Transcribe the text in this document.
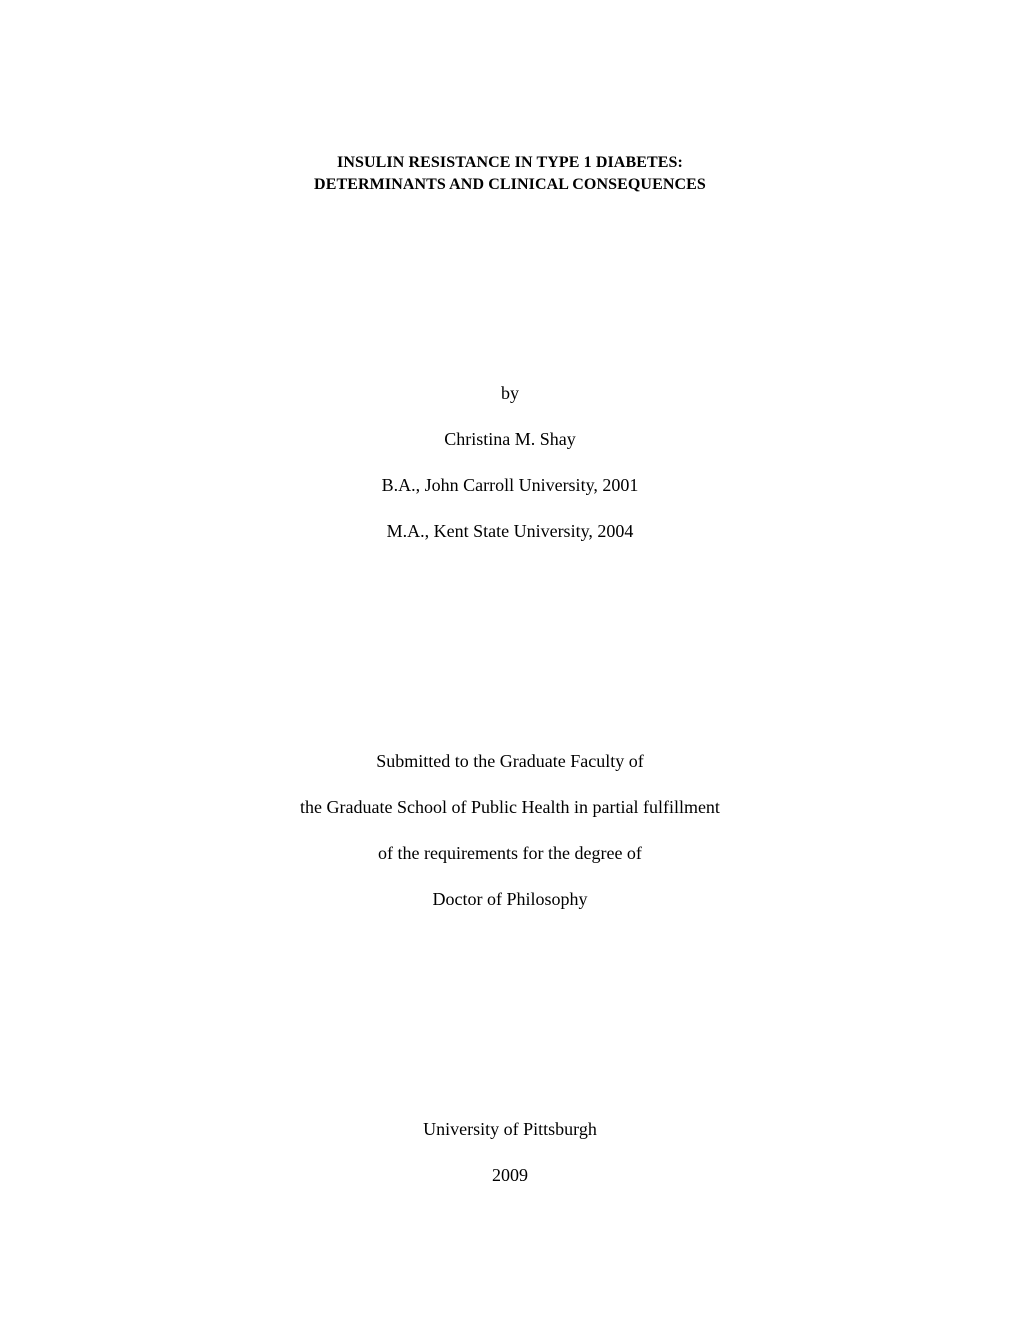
INSULIN RESISTANCE IN TYPE 1 DIABETES:
DETERMINANTS AND CLINICAL CONSEQUENCES
by
Christina M. Shay
B.A., John Carroll University, 2001
M.A., Kent State University, 2004
Submitted to the Graduate Faculty of
the Graduate School of Public Health in partial fulfillment
of the requirements for the degree of
Doctor of Philosophy
University of Pittsburgh
2009
